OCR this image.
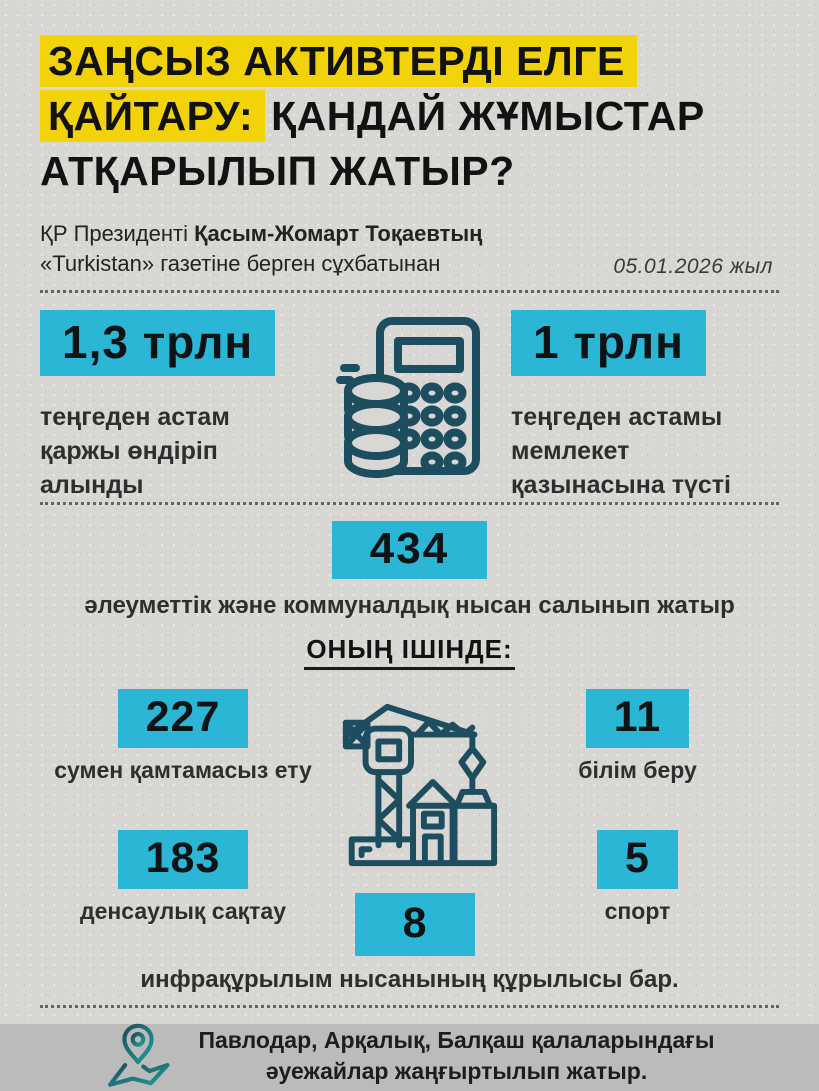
ЗАҢСЫЗ АКТИВТЕРДІ ЕЛГЕ
ҚАЙТАРУ: ҚАНДАЙ ЖҰМЫСТАР
АТҚАРЫЛЫП ЖАТЫР?
ҚР Президенті Қасым-Жомарт Тоқаевтың
«Turkistan» газетіне берген сұхбатынан	05.01.2026 жыл
1,3 трлн
теңгеден астам қаржы өндіріп алынды
1 трлн
теңгеден астамы мемлекет қазынасына түсті
434
әлеуметтік және коммуналдық нысан салынып жатыр
ОНЫҢ ІШІНДЕ:
227
сумен қамтамасыз ету
183
денсаулық сақтау	8
11
білім беру
5
спорт
инфрақұрылым нысанының құрылысы бар.
Павлодар, Арқалық, Балқаш қалаларындағы
әуежайлар жаңғыртылып жатыр.
